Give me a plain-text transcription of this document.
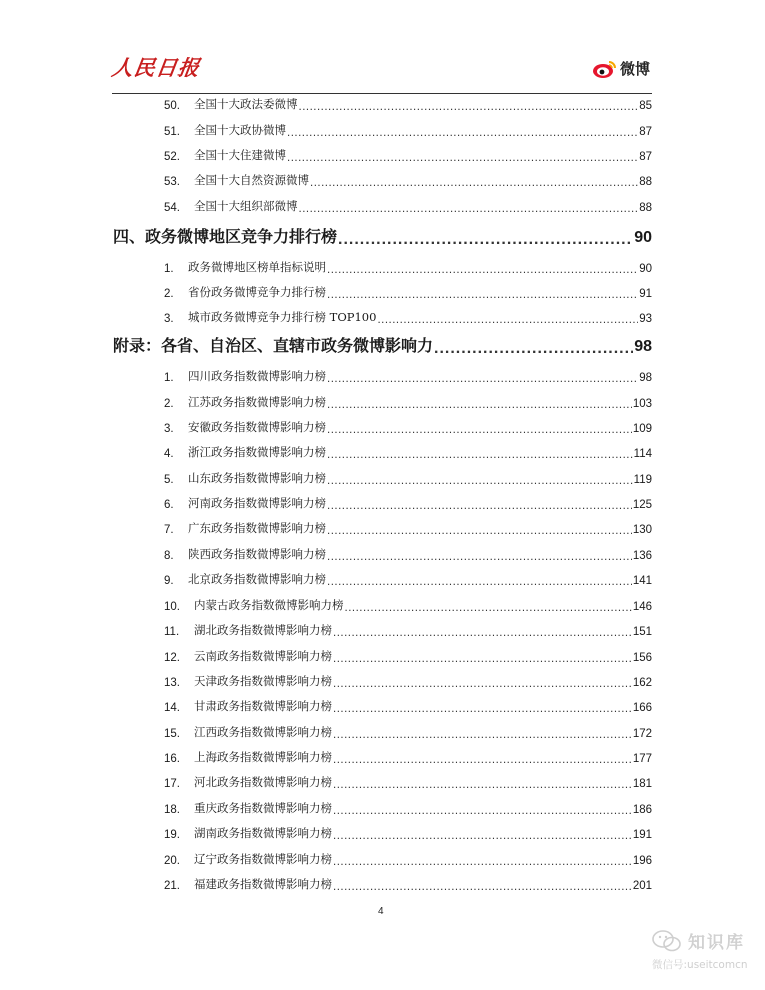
人民日报	微博
50.	全国十大政法委微博 .....	85
51.	全国十大政协微博 .....	87
52.	全国十大住建微博 .....	87
53.	全国十大自然资源微博 .....	88
54.	全国十大组织部微博 .....	88
四、政务微博地区竞争力排行榜 .....	90
1.	政务微博地区榜单指标说明 .....	90
2.	省份政务微博竞争力排行榜 .....	91
3.	城市政务微博竞争力排行榜 TOP100 .....	93
附录：各省、自治区、直辖市政务微博影响力 .....	98
1.	四川政务指数微博影响力榜 .....	98
2.	江苏政务指数微博影响力榜 .....	103
3.	安徽政务指数微博影响力榜 .....	109
4.	浙江政务指数微博影响力榜 .....	114
5.	山东政务指数微博影响力榜 .....	119
6.	河南政务指数微博影响力榜 .....	125
7.	广东政务指数微博影响力榜 .....	130
8.	陕西政务指数微博影响力榜 .....	136
9.	北京政务指数微博影响力榜 .....	141
10.	内蒙古政务指数微博影响力榜 .....	146
11.	湖北政务指数微博影响力榜 .....	151
12.	云南政务指数微博影响力榜 .....	156
13.	天津政务指数微博影响力榜 .....	162
14.	甘肃政务指数微博影响力榜 .....	166
15.	江西政务指数微博影响力榜 .....	172
16.	上海政务指数微博影响力榜 .....	177
17.	河北政务指数微博影响力榜 .....	181
18.	重庆政务指数微博影响力榜 .....	186
19.	湖南政务指数微博影响力榜 .....	191
20.	辽宁政务指数微博影响力榜 .....	196
21.	福建政务指数微博影响力榜 .....	201
4
知识库
微信号:useitcomcn
